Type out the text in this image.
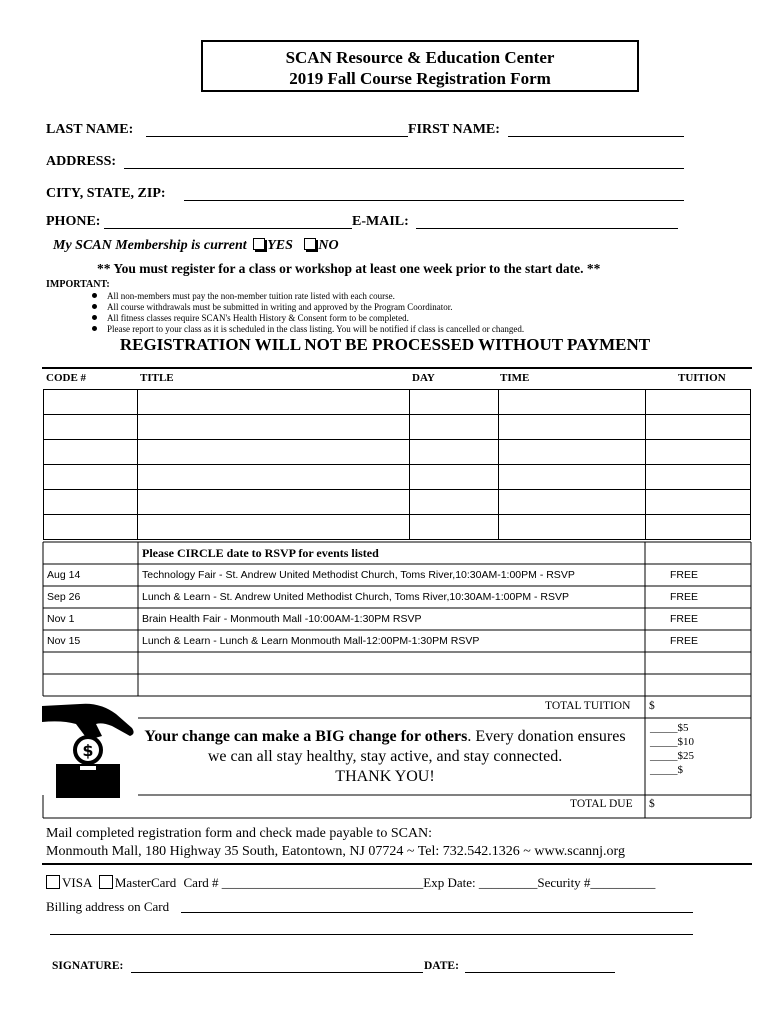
SCAN Resource & Education Center
2019 Fall Course Registration Form
LAST NAME:	FIRST NAME:
ADDRESS:
CITY, STATE, ZIP:
PHONE:	E-MAIL:
My SCAN Membership is current YES NO
** You must register for a class or workshop at least one week prior to the start date. **
IMPORTANT:
All non-members must pay the non-member tuition rate listed with each course.
All course withdrawals must be submitted in writing and approved by the Program Coordinator.
All fitness classes require SCAN's Health History & Consent form to be completed.
Please report to your class as it is scheduled in the class listing. You will be notified if class is cancelled or changed.
REGISTRATION WILL NOT BE PROCESSED WITHOUT PAYMENT
CODE #	TITLE	DAY	TIME	TUITION

Please CIRCLE date to RSVP for events listed
Aug 14	Technology Fair - St. Andrew United Methodist Church, Toms River,10:30AM-1:00PM - RSVP	FREE
Sep 26	Lunch & Learn - St. Andrew United Methodist Church, Toms River,10:30AM-1:00PM - RSVP	FREE
Nov 1	Brain Health Fair - Monmouth Mall -10:00AM-1:30PM RSVP	FREE
Nov 15	Lunch & Learn - Lunch & Learn Monmouth Mall-12:00PM-1:30PM RSVP	FREE
TOTAL TUITION $
$
Your change can make a BIG change for others. Every donation ensures we can all stay healthy, stay active, and stay connected.
THANK YOU!
_____$5
_____$10
_____$25
_____$
TOTAL DUE $
Mail completed registration form and check made payable to SCAN:
Monmouth Mall, 180 Highway 35 South, Eatontown, NJ 07724 ~ Tel: 732.542.1326 ~ www.scannj.org
VISA MasterCard Card # _______________________________Exp Date: _________Security #__________
Billing address on Card
SIGNATURE:	DATE:
